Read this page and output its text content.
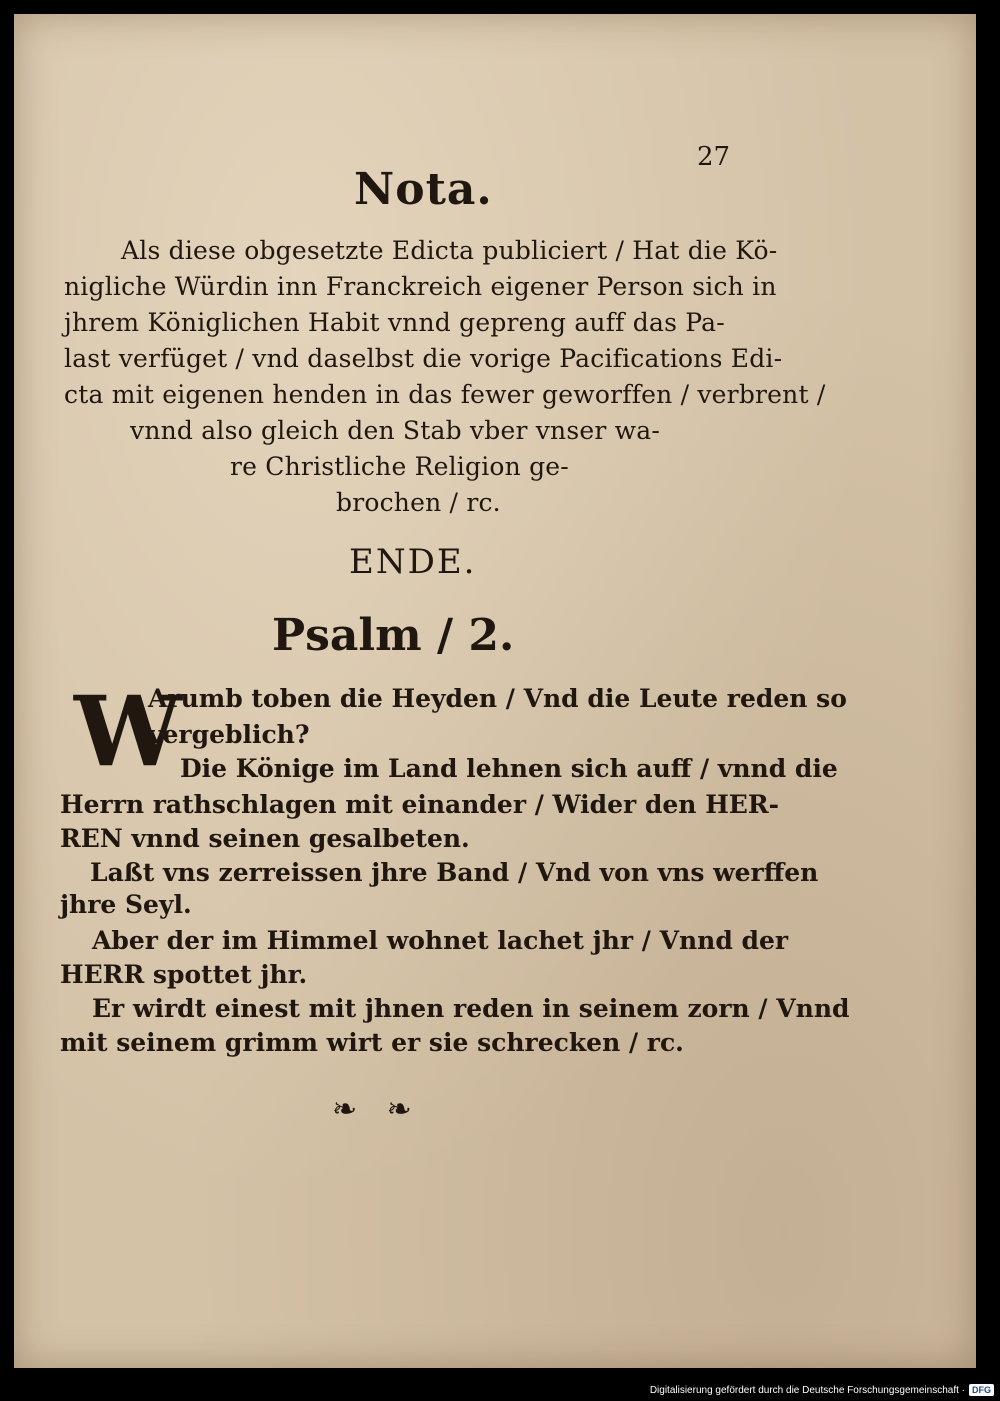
27
Nota.
Als diese obgesetzte Edicta publiciert / Hat die Kö-
nigliche Würdin inn Franckreich eigener Person sich in
jhrem Königlichen Habit vnnd gepreng auff das Pa-
last verfüget / vnd daselbst die vorige Pacifications Edi-
cta mit eigenen henden in das fewer geworffen / verbrent /
vnnd also gleich den Stab vber vnser wa-
re Christliche Religion ge-
brochen / rc.
ENDE.
Psalm / 2.
W
Arumb toben die Heyden / Vnd die Leute reden so
vergeblich?
Die Könige im Land lehnen sich auff / vnnd die
Herrn rathschlagen mit einander / Wider den HER-
REN vnnd seinen gesalbeten.
Laßt vns zerreissen jhre Band / Vnd von vns werffen
jhre Seyl.
Aber der im Himmel wohnet lachet jhr / Vnnd der
HERR spottet jhr.
Er wirdt einest mit jhnen reden in seinem zorn / Vnnd
mit seinem grimm wirt er sie schrecken / rc.
❧ ❧
Digitalisierung gefördert durch die Deutsche Forschungsgemeinschaft · DFG
